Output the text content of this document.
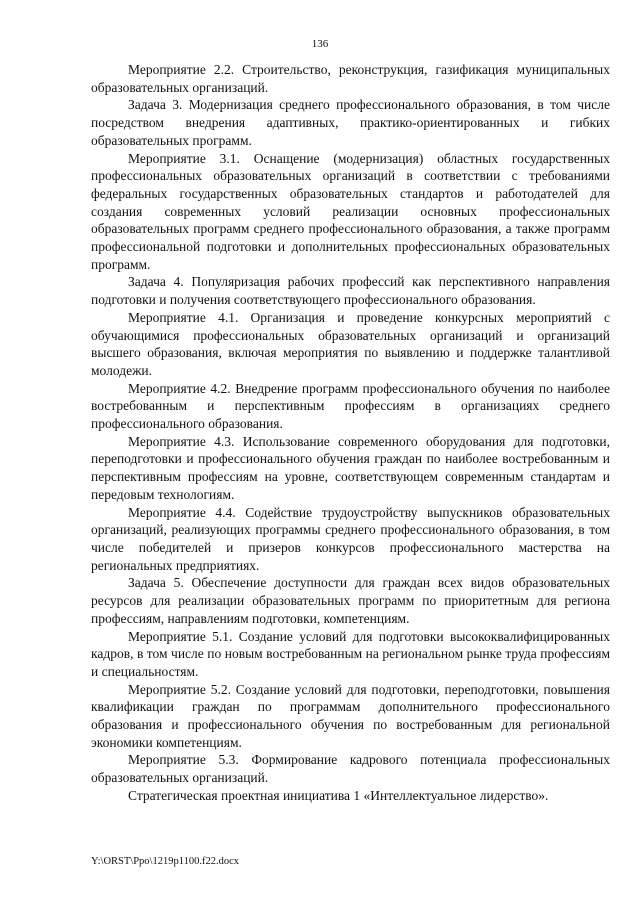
136

Мероприятие 2.2. Строительство, реконструкция, газификация муниципальных образовательных организаций.

Задача 3. Модернизация среднего профессионального образования, в том числе посредством внедрения адаптивных, практико-ориентированных и гибких образовательных программ.

Мероприятие 3.1. Оснащение (модернизация) областных государственных профессиональных образовательных организаций в соответствии с требованиями федеральных государственных образовательных стандартов и работодателей для создания современных условий реализации основных профессиональных образовательных программ среднего профессионального образования, а также программ профессиональной подготовки и дополнительных профессиональных образовательных программ.

Задача 4. Популяризация рабочих профессий как перспективного направления подготовки и получения соответствующего профессионального образования.

Мероприятие 4.1. Организация и проведение конкурсных мероприятий с обучающимися профессиональных образовательных организаций и организаций высшего образования, включая мероприятия по выявлению и поддержке талантливой молодежи.

Мероприятие 4.2. Внедрение программ профессионального обучения по наиболее востребованным и перспективным профессиям в организациях среднего профессионального образования.

Мероприятие 4.3. Использование современного оборудования для подготовки, переподготовки и профессионального обучения граждан по наиболее востребованным и перспективным профессиям на уровне, соответствующем современным стандартам и передовым технологиям.

Мероприятие 4.4. Содействие трудоустройству выпускников образовательных организаций, реализующих программы среднего профессионального образования, в том числе победителей и призеров конкурсов профессионального мастерства на региональных предприятиях.

Задача 5. Обеспечение доступности для граждан всех видов образовательных ресурсов для реализации образовательных программ по приоритетным для региона профессиям, направлениям подготовки, компетенциям.

Мероприятие 5.1. Создание условий для подготовки высококвалифицированных кадров, в том числе по новым востребованным на региональном рынке труда профессиям и специальностям.

Мероприятие 5.2. Создание условий для подготовки, переподготовки, повышения квалификации граждан по программам дополнительного профессионального образования и профессионального обучения по востребованным для региональной экономики компетенциям.

Мероприятие 5.3. Формирование кадрового потенциала профессиональных образовательных организаций.

Стратегическая проектная инициатива 1 «Интеллектуальное лидерство».

Y:\ORST\Ppo\1219p1100.f22.docx
